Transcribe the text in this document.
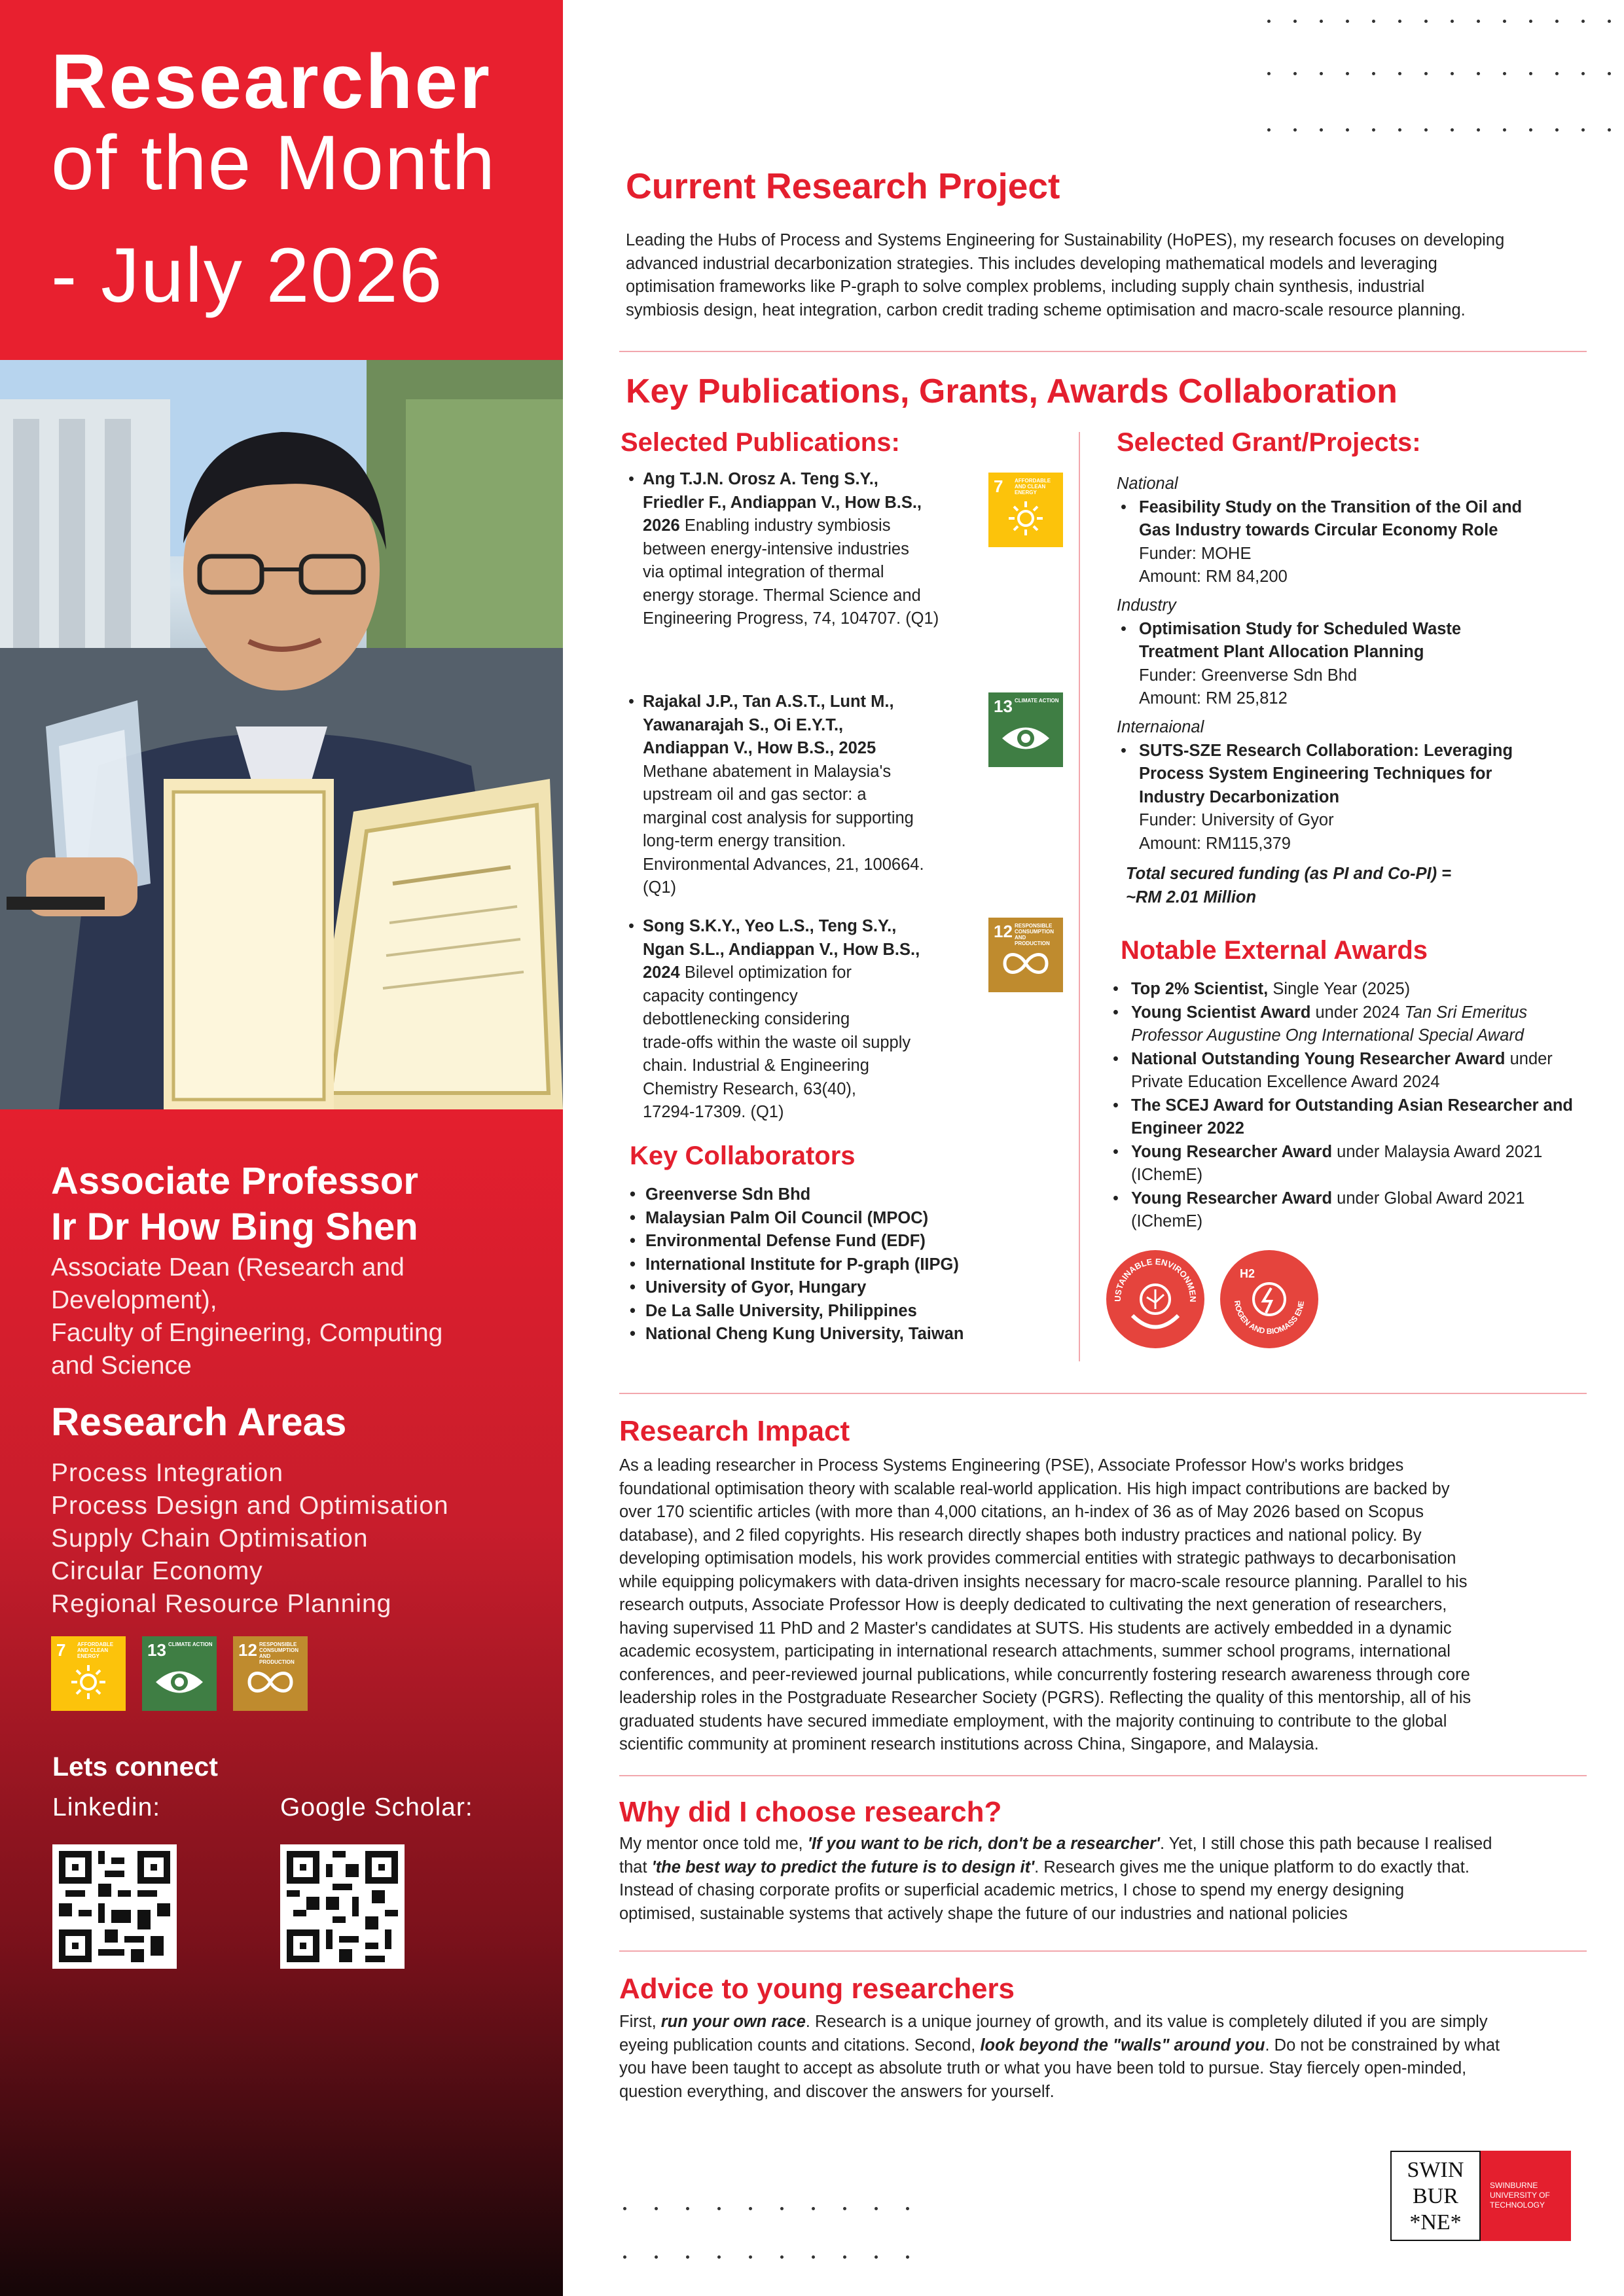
Researcher
of the Month
- July 2026
Associate Professor
Ir Dr How Bing Shen
Associate Dean (Research and
Development),
Faculty of Engineering, Computing
and Science
Research Areas
Process Integration
Process Design and Optimisation
Supply Chain Optimisation
Circular Economy
Regional Resource Planning
7 AFFORDABLE AND CLEAN ENERGY	13 CLIMATE ACTION 12 RESPONSIBLE CONSUMPTION AND PRODUCTION
Lets connect
Linkedin:	Google Scholar:
Current Research Project
Leading the Hubs of Process and Systems Engineering for Sustainability (HoPES), my research focuses on developing
advanced industrial decarbonization strategies. This includes developing mathematical models and leveraging
optimisation frameworks like P-graph to solve complex problems, including supply chain synthesis, industrial
symbiosis design, heat integration, carbon credit trading scheme optimisation and macro-scale resource planning.
Key Publications, Grants, Awards Collaboration
Selected Publications:
• Ang T.J.N. Orosz A. Teng S.Y.,
Friedler F., Andiappan V., How B.S.,
2026 Enabling industry symbiosis
between energy-intensive industries
via optimal integration of thermal
energy storage. Thermal Science and
Engineering Progress, 74, 104707. (Q1)
7 AFFORDABLE AND CLEAN ENERGY
• Rajakal J.P., Tan A.S.T., Lunt M.,
Yawanarajah S., Oi E.Y.T.,
Andiappan V., How B.S., 2025
Methane abatement in Malaysia's
upstream oil and gas sector: a
marginal cost analysis for supporting
long-term energy transition.
Environmental Advances, 21, 100664.
(Q1)
13 CLIMATE ACTION
• Song S.K.Y., Yeo L.S., Teng S.Y.,
Ngan S.L., Andiappan V., How B.S.,
2024 Bilevel optimization for
capacity contingency
debottlenecking considering
trade-offs within the waste oil supply
chain. Industrial & Engineering
Chemistry Research, 63(40),
17294-17309. (Q1)
12 RESPONSIBLE CONSUMPTION AND PRODUCTION
Key Collaborators
• Greenverse Sdn Bhd
• Malaysian Palm Oil Council (MPOC)
• Environmental Defense Fund (EDF)
• International Institute for P-graph (IIPG)
• University of Gyor, Hungary
• De La Salle University, Philippines
• National Cheng Kung University, Taiwan
Selected Grant/Projects:
National
• Feasibility Study on the Transition of the Oil and
Gas Industry towards Circular Economy Role
Funder: MOHE
Amount: RM 84,200
Industry
• Optimisation Study for Scheduled Waste
Treatment Plant Allocation Planning
Funder: Greenverse Sdn Bhd
Amount: RM 25,812
Internaional
• SUTS-SZE Research Collaboration: Leveraging
Process System Engineering Techniques for
Industry Decarbonization
Funder: University of Gyor
Amount: RM115,379
Total secured funding (as PI and Co-PI) =
~RM 2.01 Million
Notable External Awards
• Top 2% Scientist, Single Year (2025)
• Young Scientist Award under 2024 Tan Sri Emeritus Professor Augustine Ong International Special Award
• National Outstanding Young Researcher Award under Private Education Excellence Award 2024
• The SCEJ Award for Outstanding Asian Researcher and Engineer 2022
• Young Researcher Award under Malaysia Award 2021 (IChemE)
• Young Researcher Award under Global Award 2021 (IChemE)
USTAINABLE ENVIRONMEN
ROGEN AND BIOMASS ENE
H2
Research Impact
As a leading researcher in Process Systems Engineering (PSE), Associate Professor How's works bridges
foundational optimisation theory with scalable real-world application. His high impact contributions are backed by
over 170 scientific articles (with more than 4,000 citations, an h-index of 36 as of May 2026 based on Scopus
database), and 2 filed copyrights. His research directly shapes both industry practices and national policy. By
developing optimisation models, his work provides commercial entities with strategic pathways to decarbonisation
while equipping policymakers with data-driven insights necessary for macro-scale resource planning. Parallel to his
research outputs, Associate Professor How is deeply dedicated to cultivating the next generation of researchers,
having supervised 11 PhD and 2 Master's candidates at SUTS. His students are actively embedded in a dynamic
academic ecosystem, participating in international research attachments, summer school programs, international
conferences, and peer-reviewed journal publications, while concurrently fostering research awareness through core
leadership roles in the Postgraduate Researcher Society (PGRS). Reflecting the quality of this mentorship, all of his
graduated students have secured immediate employment, with the majority continuing to contribute to the global
scientific community at prominent research institutions across China, Singapore, and Malaysia.
Why did I choose research?
My mentor once told me, 'If you want to be rich, don't be a researcher'. Yet, I still chose this path because I realised
that 'the best way to predict the future is to design it'. Research gives me the unique platform to do exactly that.
Instead of chasing corporate profits or superficial academic metrics, I chose to spend my energy designing
optimised, sustainable systems that actively shape the future of our industries and national policies
Advice to young researchers
First, run your own race. Research is a unique journey of growth, and its value is completely diluted if you are simply
eyeing publication counts and citations. Second, look beyond the "walls" around you. Do not be constrained by what
you have been taught to accept as absolute truth or what you have been told to pursue. Stay fiercely open-minded,
question everything, and discover the answers for yourself.
SWIN
BUR
*NE*
SWINBURNE
UNIVERSITY OF
TECHNOLOGY
